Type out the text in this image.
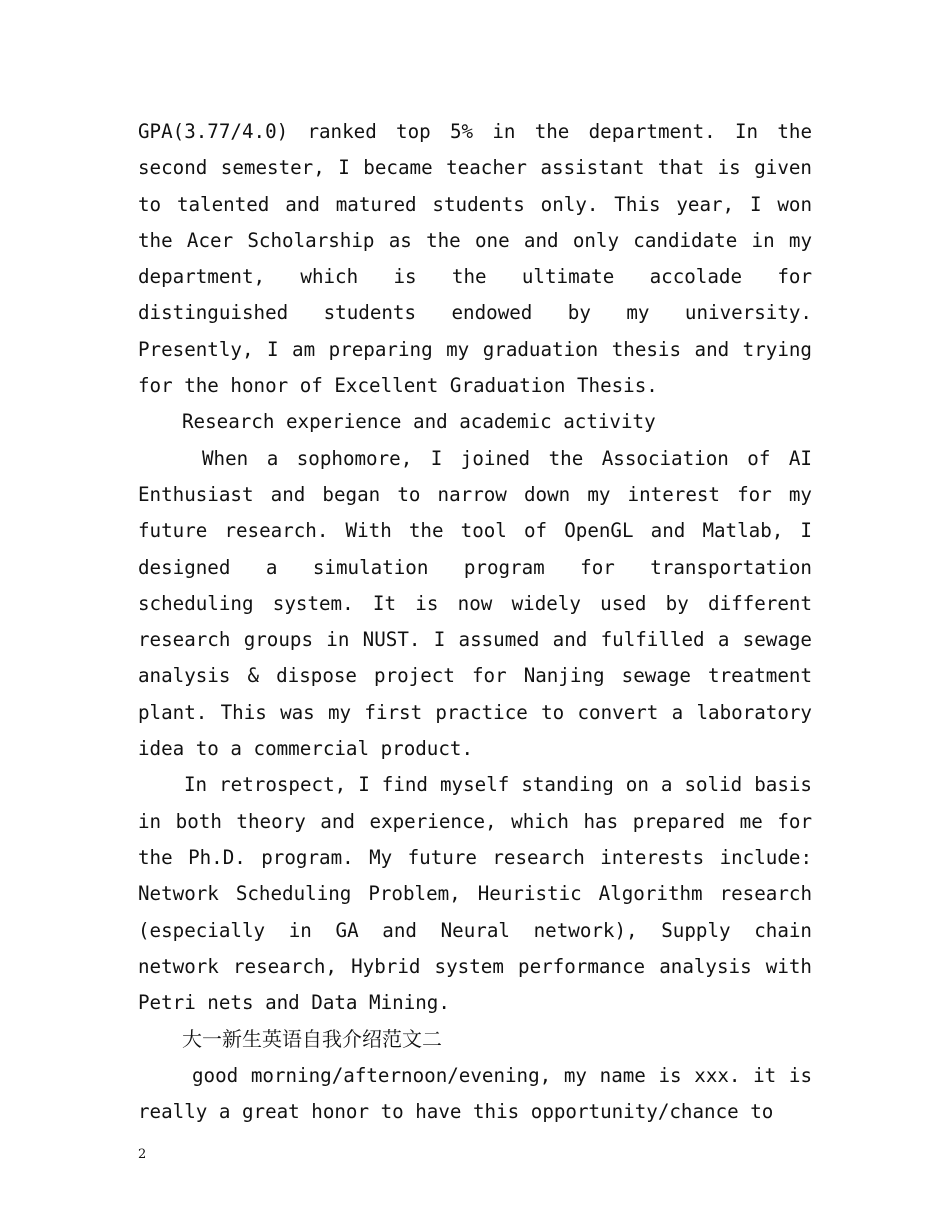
GPA(3.77/4.0) ranked top 5% in the department. In the second semester, I became teacher assistant that is given to talented and matured students only. This year, I won the Acer Scholarship as the one and only candidate in my department, which is the ultimate accolade for distinguished students endowed by my university. Presently, I am preparing my graduation thesis and trying for the honor of Excellent Graduation Thesis.

Research experience and academic activity

When a sophomore, I joined the Association of AI Enthusiast and began to narrow down my interest for my future research. With the tool of OpenGL and Matlab, I designed a simulation program for transportation scheduling system. It is now widely used by different research groups in NUST. I assumed and fulfilled a sewage analysis & dispose project for Nanjing sewage treatment plant. This was my first practice to convert a laboratory idea to a commercial product.

In retrospect, I find myself standing on a solid basis in both theory and experience, which has prepared me for the Ph.D. program. My future research interests include: Network Scheduling Problem, Heuristic Algorithm research (especially in GA and Neural network), Supply chain network research, Hybrid system performance analysis with Petri nets and Data Mining.

大一新生英语自我介绍范文二

good morning/afternoon/evening, my name is xxx. it is really a great honor to have this opportunity/chance to

2
